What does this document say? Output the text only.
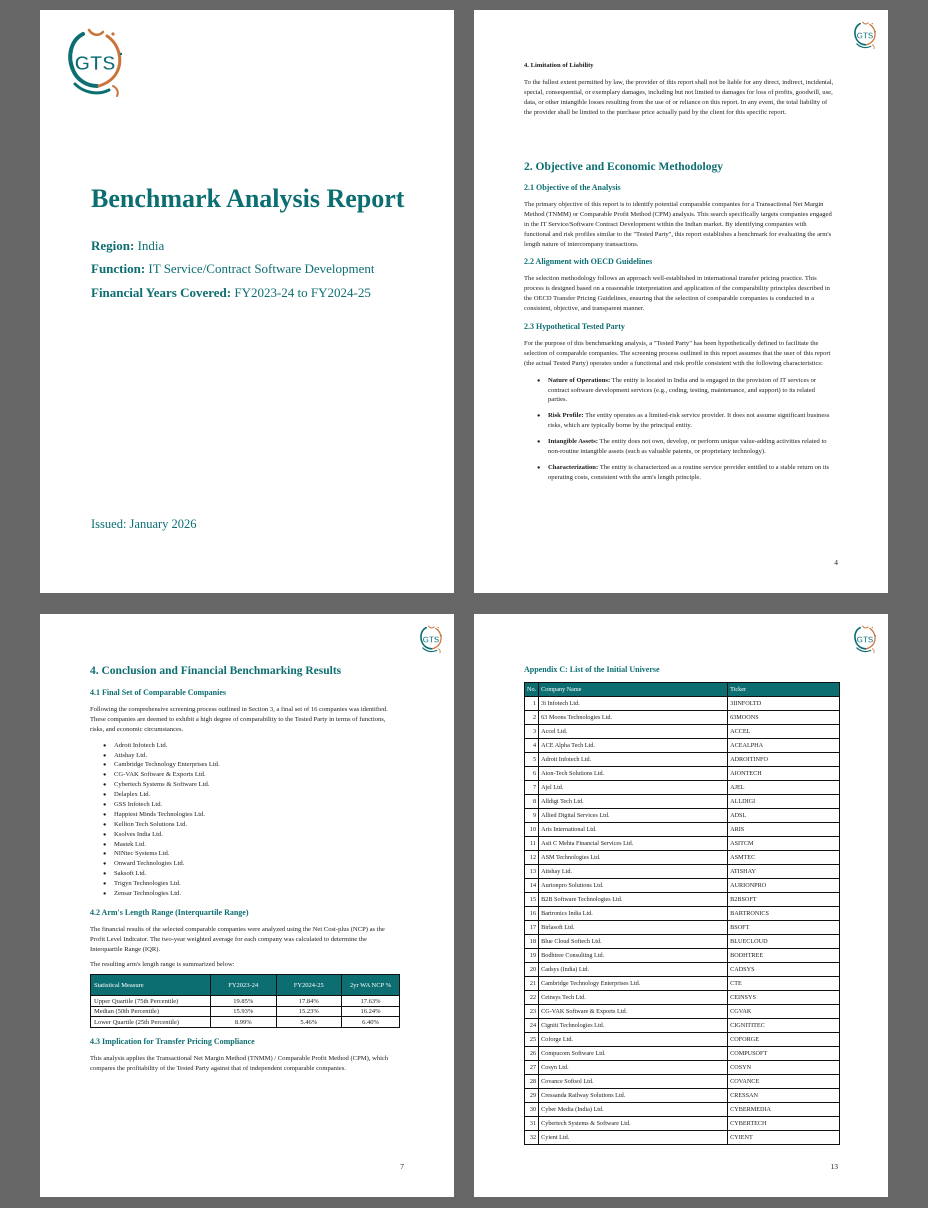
Benchmark Analysis Report
Region: India
Function: IT Service/Contract Software Development
Financial Years Covered: FY2023-24 to FY2024-25
Issued: January 2026

4. Limitation of Liability

To the fullest extent permitted by law, the provider of this report shall not be liable for any direct, indirect, incidental, special, consequential, or exemplary damages, including but not limited to damages for loss of profits, goodwill, use, data, or other intangible losses resulting from the use of or reliance on this report. In any event, the total liability of the provider shall be limited to the purchase price actually paid by the client for this specific report.

2. Objective and Economic Methodology
2.1 Objective of the Analysis

The primary objective of this report is to identify potential comparable companies for a Transactional Net Margin Method (TNMM) or Comparable Profit Method (CPM) analysis. This search specifically targets companies engaged in the IT Service/Software Contract Development within the Indian market. By identifying companies with functional and risk profiles similar to the "Tested Party", this report establishes a benchmark for evaluating the arm's length nature of intercompany transactions.

2.2 Alignment with OECD Guidelines

The selection methodology follows an approach well-established in international transfer pricing practice. This process is designed based on a reasonable interpretation and application of the comparability principles described in the OECD Transfer Pricing Guidelines, ensuring that the selection of comparable companies is conducted in a consistent, objective, and transparent manner.

2.3 Hypothetical Tested Party

For the purpose of this benchmarking analysis, a "Tested Party" has been hypothetically defined to facilitate the selection of comparable companies. The screening process outlined in this report assumes that the user of this report (the actual Tested Party) operates under a functional and risk profile consistent with the following characteristics:

● Nature of Operations: The entity is located in India and is engaged in the provision of IT services or contract software development services (e.g., coding, testing, maintenance, and support) to its related parties.
● Risk Profile: The entity operates as a limited-risk service provider. It does not assume significant business risks, which are typically borne by the principal entity.
● Intangible Assets: The entity does not own, develop, or perform unique value-adding activities related to non-routine intangible assets (such as valuable patents, or proprietary technology).
● Characterization: The entity is characterized as a routine service provider entitled to a stable return on its operating costs, consistent with the arm's length principle.
4
4. Conclusion and Financial Benchmarking Results
4.1 Final Set of Comparable Companies

Following the comprehensive screening process outlined in Section 3, a final set of 16 companies was identified. These companies are deemed to exhibit a high degree of comparability to the Tested Party in terms of functions, risks, and economic circumstances.

● Adroit Infotech Ltd.
● Atishay Ltd.
● Cambridge Technology Enterprises Ltd.
● CG-VAK Software & Exports Ltd.
● Cybertech Systems & Software Ltd.
● Delaplex Ltd.
● GSS Infotech Ltd.
● Happiest Minds Technologies Ltd.
● Kellton Tech Solutions Ltd.
● Ksolves India Ltd.
● Mastek Ltd.
● NINtec Systems Ltd.
● Onward Technologies Ltd.
● Saksoft Ltd.
● Trigyn Technologies Ltd.
● Zensar Technologies Ltd.
4.2 Arm's Length Range (Interquartile Range)

The financial results of the selected comparable companies were analyzed using the Net Cost-plus (NCP) as the Profit Level Indicator. The two-year weighted average for each company was calculated to determine the Interquartile Range (IQR).

The resulting arm's length range is summarized below:

Statistical Measure	FY2023-24	FY2024-25	2yr WA NCP %
Upper Quartile (75th Percentile)	19.85%	17.84%	17.63%
Median (50th Percentile)	15.93%	15.23%	16.24%
Lower Quartile (25th Percentile)	8.99%	5.46%	6.40%
4.3 Implication for Transfer Pricing Compliance

This analysis applies the Transactional Net Margin Method (TNMM) / Comparable Profit Method (CPM), which compares the profitability of the Tested Party against that of independent comparable companies.

7
Appendix C: List of the Initial Universe
No.	Company Name	Ticker
1	3i Infotech Ltd.	3IINFOLTD
2	63 Moons Technologies Ltd.	63MOONS
3	Accel Ltd.	ACCEL
4	ACE Alpha Tech Ltd.	ACEALPHA
5	Adroit Infotech Ltd.	ADROITINFO
6	Aion-Tech Solutions Ltd.	AIONTECH
7	Ajel Ltd.	AJEL
8	Alldigi Tech Ltd.	ALLDIGI
9	Allied Digital Services Ltd.	ADSL
10	Aris International Ltd.	ARIS
11	Asit C Mehta Financial Services Ltd.	ASITCM
12	ASM Technologies Ltd.	ASMTEC
13	Atishay Ltd.	ATISHAY
14	Aurionpro Solutions Ltd.	AURIONPRO
15	B2B Software Technologies Ltd.	B2BSOFT
16	Bartronics India Ltd.	BARTRONICS
17	Birlasoft Ltd.	BSOFT
18	Blue Cloud Softech Ltd.	BLUECLOUD
19	Bodhtree Consulting Ltd.	BODHTREE
20	Cadsys (India) Ltd.	CADSYS
21	Cambridge Technology Enterprises Ltd.	CTE
22	Ceinsys Tech Ltd.	CEINSYS
23	CG-VAK Software & Exports Ltd.	CGVAK
24	Cigniti Technologies Ltd.	CIGNITITEC
25	Coforge Ltd.	COFORGE
26	Compucom Software Ltd.	COMPUSOFT
27	Cosyn Ltd.	COSYN
28	Covance Softsol Ltd.	COVANCE
29	Cressanda Railway Solutions Ltd.	CRESSAN
30	Cyber Media (India) Ltd.	CYBERMEDIA
31	Cybertech Systems & Software Ltd.	CYBERTECH
32	Cyient Ltd.	CYIENT
13
